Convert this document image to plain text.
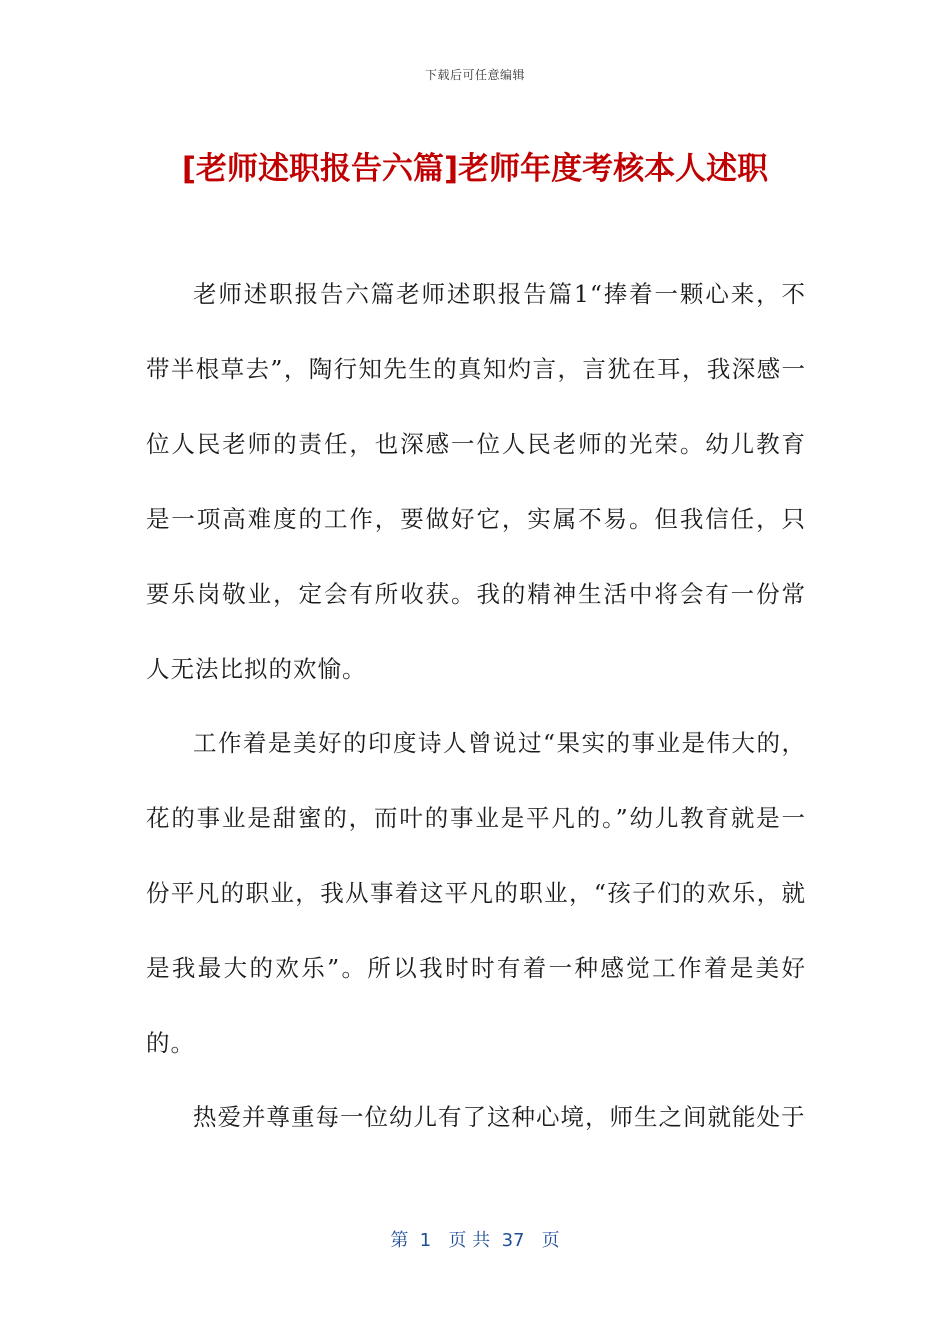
下载后可任意编辑
[老师述职报告六篇]老师年度考核本人述职

老师述职报告六篇老师述职报告篇1“捧着一颗心来，不带半根草去”，陶行知先生的真知灼言，言犹在耳，我深感一位人民老师的责任，也深感一位人民老师的光荣。幼儿教育是一项高难度的工作，要做好它，实属不易。但我信任，只要乐岗敬业，定会有所收获。我的精神生活中将会有一份常人无法比拟的欢愉。

工作着是美好的印度诗人曾说过“果实的事业是伟大的，花的事业是甜蜜的，而叶的事业是平凡的。”幼儿教育就是一份平凡的职业，我从事着这平凡的职业，“孩子们的欢乐，就是我最大的欢乐”。所以我时时有着一种感觉工作着是美好的。

热爱并尊重每一位幼儿有了这种心境，师生之间就能处于

第  1   页 共  37   页
